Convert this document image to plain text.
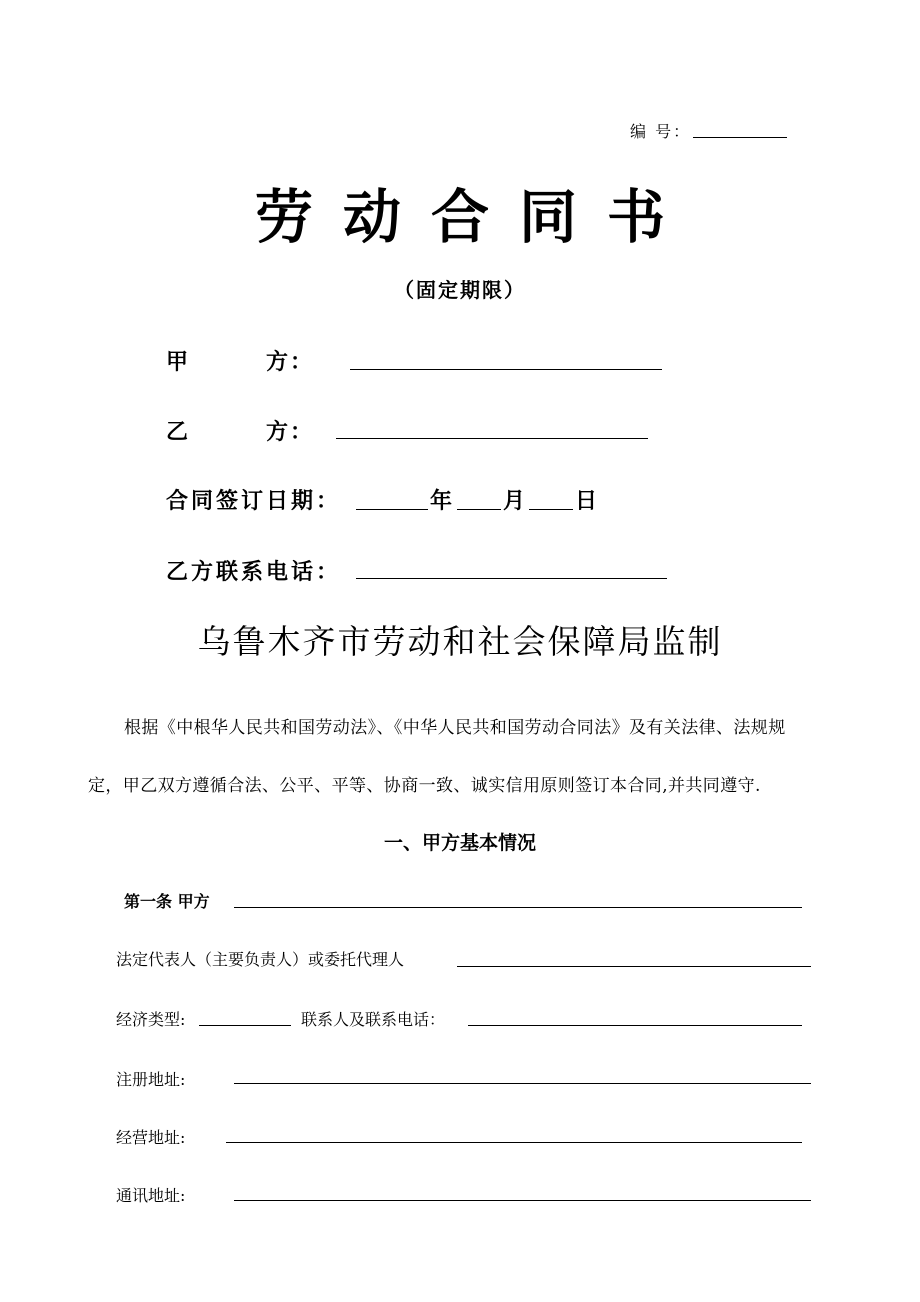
编 号：
劳动合同书
（固定期限）
甲	方：
乙	方：
合同签订日期：	年 月 日
乙方联系电话：
乌鲁木齐市劳动和社会保障局监制
根据《中根华人民共和国劳动法》、《中华人民共和国劳动合同法》及有关法律、法规规
定，甲乙双方遵循合法、公平、平等、协商一致、诚实信用原则签订本合同,并共同遵守.
一、甲方基本情况
第一条 甲方
法定代表人（主要负责人）或委托代理人
经济类型:	联系人及联系电话：
注册地址:
经营地址:
通讯地址:
